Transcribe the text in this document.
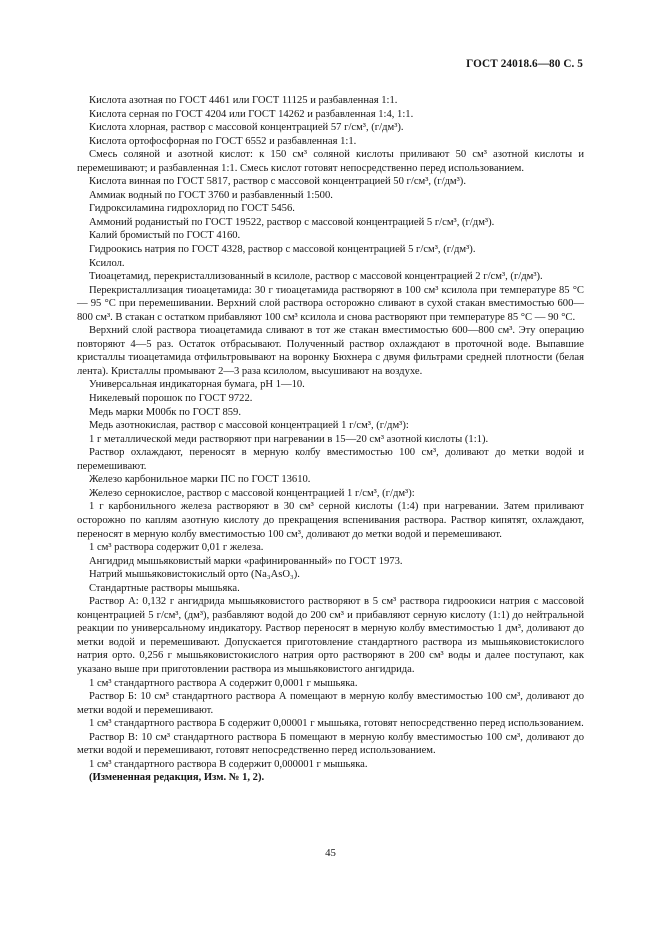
ГОСТ 24018.6—80 С. 5

Кислота азотная по ГОСТ 4461 или ГОСТ 11125 и разбавленная 1:1.

Кислота серная по ГОСТ 4204 или ГОСТ 14262 и разбавленная 1:4, 1:1.

Кислота хлорная, раствор с массовой концентрацией 57 г/см³, (г/дм³).

Кислота ортофосфорная по ГОСТ 6552 и разбавленная 1:1.

Смесь соляной и азотной кислот: к 150 см³ соляной кислоты приливают 50 см³ азотной кислоты и перемешивают; и разбавленная 1:1. Смесь кислот готовят непосредственно перед использованием.

Кислота винная по ГОСТ 5817, раствор с массовой концентрацией 50 г/см³, (г/дм³).

Аммиак водный по ГОСТ 3760 и разбавленный 1:500.

Гидроксиламина гидрохлорид по ГОСТ 5456.

Аммоний роданистый по ГОСТ 19522, раствор с массовой концентрацией 5 г/см³, (г/дм³).

Калий бромистый по ГОСТ 4160.

Гидроокись натрия по ГОСТ 4328, раствор с массовой концентрацией 5 г/см³, (г/дм³).

Ксилол.

Тиоацетамид, перекристаллизованный в ксилоле, раствор с массовой концентрацией 2 г/см³, (г/дм³).

Перекристаллизация тиоацетамида: 30 г тиоацетамида растворяют в 100 см³ ксилола при температуре 85 °С — 95 °С при перемешивании. Верхний слой раствора осторожно сливают в сухой стакан вместимостью 600—800 см³. В стакан с остатком прибавляют 100 см³ ксилола и снова растворяют при температуре 85 °С — 90 °С.

Верхний слой раствора тиоацетамида сливают в тот же стакан вместимостью 600—800 см³. Эту операцию повторяют 4—5 раз. Остаток отбрасывают. Полученный раствор охлаждают в проточной воде. Выпавшие кристаллы тиоацетамида отфильтровывают на воронку Бюхнера с двумя фильтрами средней плотности (белая лента). Кристаллы промывают 2—3 раза ксилолом, высушивают на воздухе.

Универсальная индикаторная бумага, рН 1—10.

Никелевый порошок по ГОСТ 9722.

Медь марки М00бк по ГОСТ 859.

Медь азотнокислая, раствор с массовой концентрацией 1 г/см³, (г/дм³):

1 г металлической меди растворяют при нагревании в 15—20 см³ азотной кислоты (1:1).

Раствор охлаждают, переносят в мерную колбу вместимостью 100 см³, доливают до метки водой и перемешивают.

Железо карбонильное марки ПС по ГОСТ 13610.

Железо сернокислое, раствор с массовой концентрацией 1 г/см³, (г/дм³):

1 г карбонильного железа растворяют в 30 см³ серной кислоты (1:4) при нагревании. Затем приливают осторожно по каплям азотную кислоту до прекращения вспенивания раствора. Раствор кипятят, охлаждают, переносят в мерную колбу вместимостью 100 см³, доливают до метки водой и перемешивают.

1 см³ раствора содержит 0,01 г железа.

Ангидрид мышьяковистый марки «рафинированный» по ГОСТ 1973.

Натрий мышьяковистокислый орто (Na₃AsO₃).

Стандартные растворы мышьяка.

Раствор А: 0,132 г ангидрида мышьяковистого растворяют в 5 см³ раствора гидроокиси натрия с массовой концентрацией 5 г/см³, (дм³), разбавляют водой до 200 см³ и прибавляют серную кислоту (1:1) до нейтральной реакции по универсальному индикатору. Раствор переносят в мерную колбу вместимостью 1 дм³, доливают до метки водой и перемешивают. Допускается приготовление стандартного раствора из мышьяковистокислого натрия орто. 0,256 г мышьяковистокислого натрия орто растворяют в 200 см³ воды и далее поступают, как указано выше при приготовлении раствора из мышьяковистого ангидрида.

1 см³ стандартного раствора А содержит 0,0001 г мышьяка.

Раствор Б: 10 см³ стандартного раствора А помещают в мерную колбу вместимостью 100 см³, доливают до метки водой и перемешивают.

1 см³ стандартного раствора Б содержит 0,00001 г мышьяка, готовят непосредственно перед использованием.

Раствор В: 10 см³ стандартного раствора Б помещают в мерную колбу вместимостью 100 см³, доливают до метки водой и перемешивают, готовят непосредственно перед использованием.

1 см³ стандартного раствора В содержит 0,000001 г мышьяка.

(Измененная редакция, Изм. № 1, 2).

45
